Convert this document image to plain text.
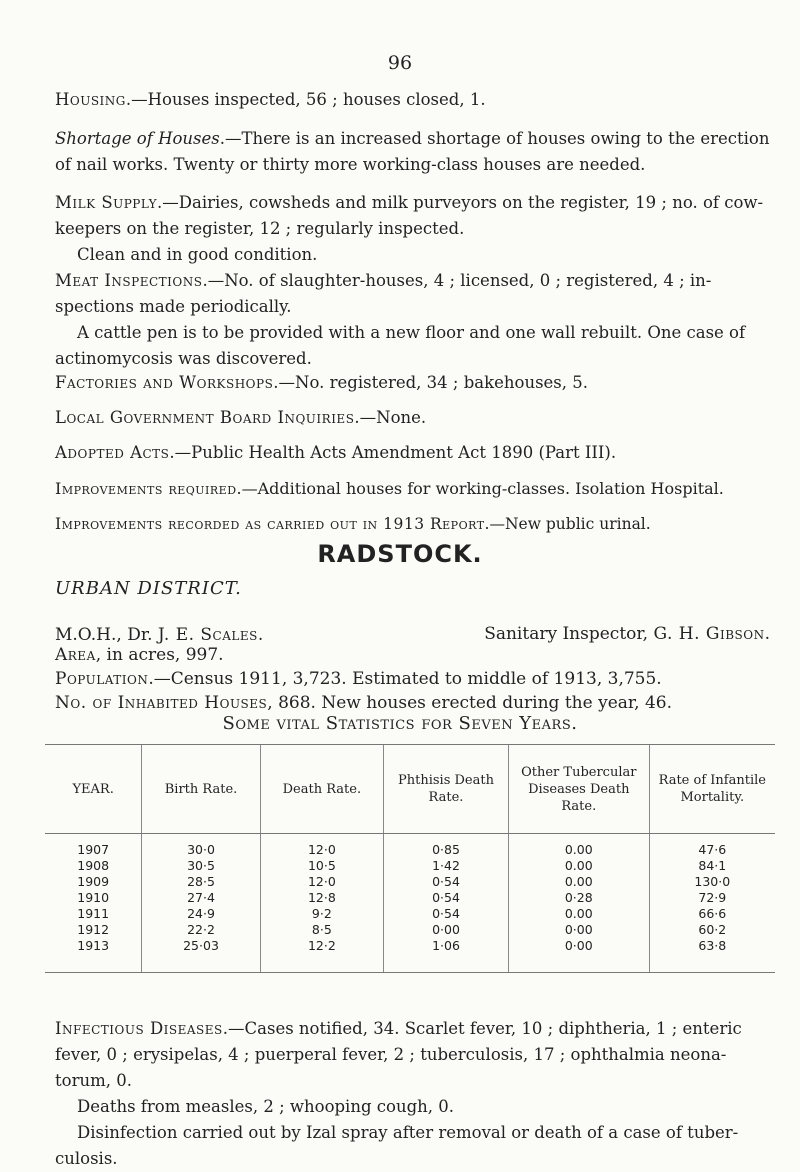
96
Housing.—Houses inspected, 56 ; houses closed, 1.
Shortage of Houses.—There is an increased shortage of houses owing to the erection of nail works. Twenty or thirty more working-class houses are needed.
Milk Supply.—Dairies, cowsheds and milk purveyors on the register, 19 ; no. of cow-keepers on the register, 12 ; regularly inspected.
Clean and in good condition.
Meat Inspections.—No. of slaughter-houses, 4 ; licensed, 0 ; registered, 4 ; in-spections made periodically.
A cattle pen is to be provided with a new floor and one wall rebuilt. One case of actinomycosis was discovered.
Factories and Workshops.—No. registered, 34 ; bakehouses, 5.
Local Government Board Inquiries.—None.
Adopted Acts.—Public Health Acts Amendment Act 1890 (Part III).
Improvements required.—Additional houses for working-classes. Isolation Hospital.
Improvements recorded as carried out in 1913 Report.—New public urinal.
RADSTOCK.
URBAN DISTRICT.
M.O.H., Dr. J. E. Scales.	Sanitary Inspector, G. H. Gibson.
Area, in acres, 997.
Population.—Census 1911, 3,723. Estimated to middle of 1913, 3,755.
No. of Inhabited Houses, 868. New houses erected during the year, 46.
Some vital Statistics for Seven Years.
YEAR.	Birth Rate.	Death Rate.	Phthisis Death Rate.	Other Tubercular Diseases Death Rate.	Rate of Infantile Mortality.
1907	30·0	12·0	0·85	0.00	47·6
1908	30·5	10·5	1·42	0.00	84·1
1909	28·5	12·0	0·54	0.00	130·0
1910	27·4	12·8	0·54	0·28	72·9
1911	24·9	9·2	0·54	0.00	66·6
1912	22·2	8·5	0·00	0·00	60·2
1913	25·03	12·2	1·06	0·00	63·8
Infectious Diseases.—Cases notified, 34. Scarlet fever, 10 ; diphtheria, 1 ; enteric fever, 0 ; erysipelas, 4 ; puerperal fever, 2 ; tuberculosis, 17 ; ophthalmia neona-torum, 0.
Deaths from measles, 2 ; whooping cough, 0.
Disinfection carried out by Izal spray after removal or death of a case of tuber-culosis.
